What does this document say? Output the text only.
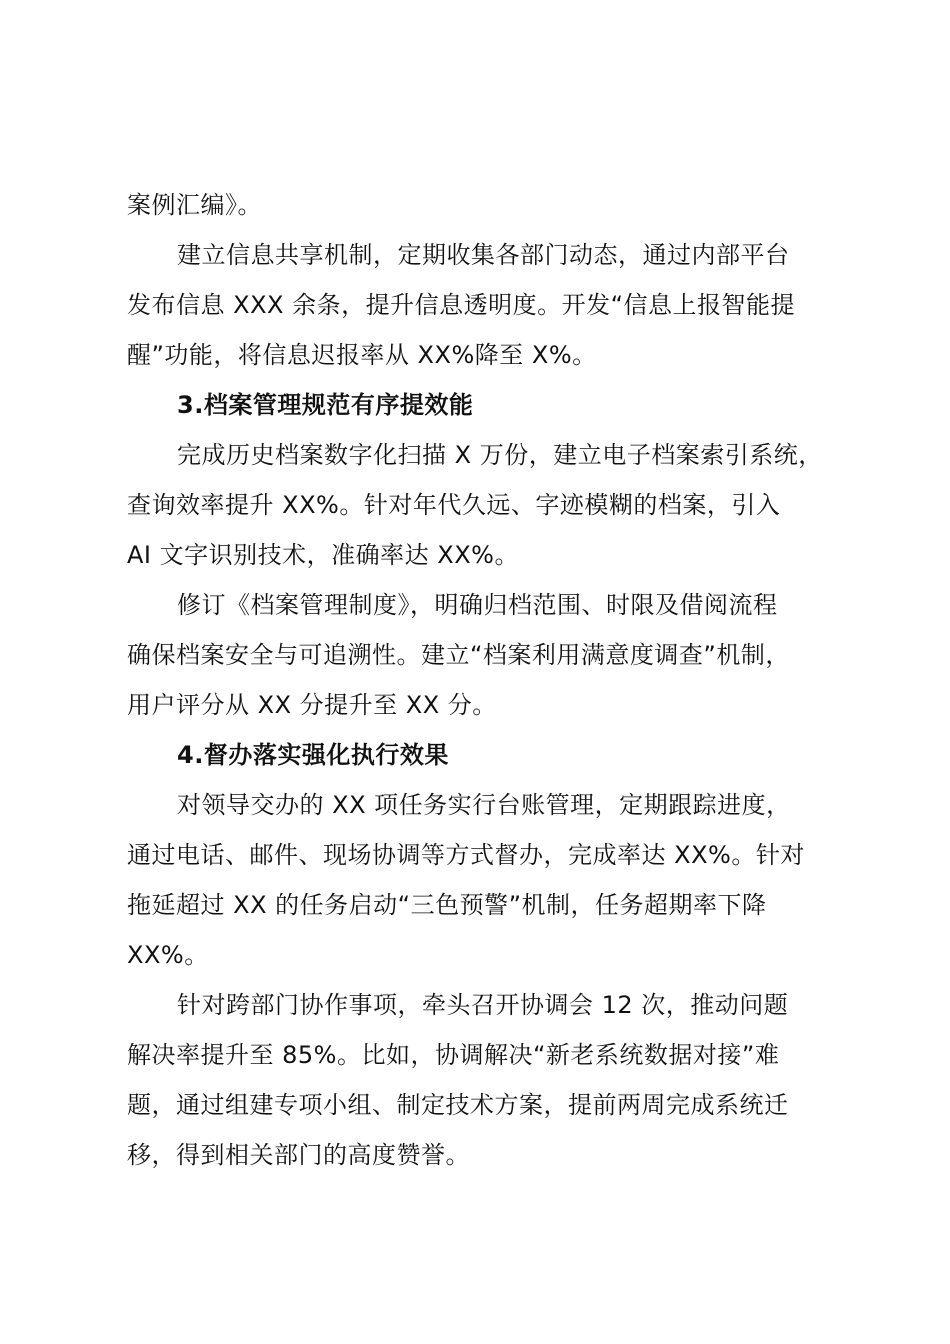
案例汇编》。

建立信息共享机制，定期收集各部门动态，通过内部平台
发布信息 XXX 余条，提升信息透明度。开发“信息上报智能提
醒”功能，将信息迟报率从 XX%降至 X%。

3.档案管理规范有序提效能

完成历史档案数字化扫描 X 万份，建立电子档案索引系统，
查询效率提升 XX%。针对年代久远、字迹模糊的档案，引入
AI 文字识别技术，准确率达 XX%。

修订《档案管理制度》，明确归档范围、时限及借阅流程
确保档案安全与可追溯性。建立“档案利用满意度调查”机制，
用户评分从 XX 分提升至 XX 分。

4.督办落实强化执行效果

对领导交办的 XX 项任务实行台账管理，定期跟踪进度，
通过电话、邮件、现场协调等方式督办，完成率达 XX%。针对
拖延超过 XX 的任务启动“三色预警”机制，任务超期率下降
XX%。

针对跨部门协作事项，牵头召开协调会 12 次，推动问题
解决率提升至 85%。比如，协调解决“新老系统数据对接”难
题，通过组建专项小组、制定技术方案，提前两周完成系统迁
移，得到相关部门的高度赞誉。
